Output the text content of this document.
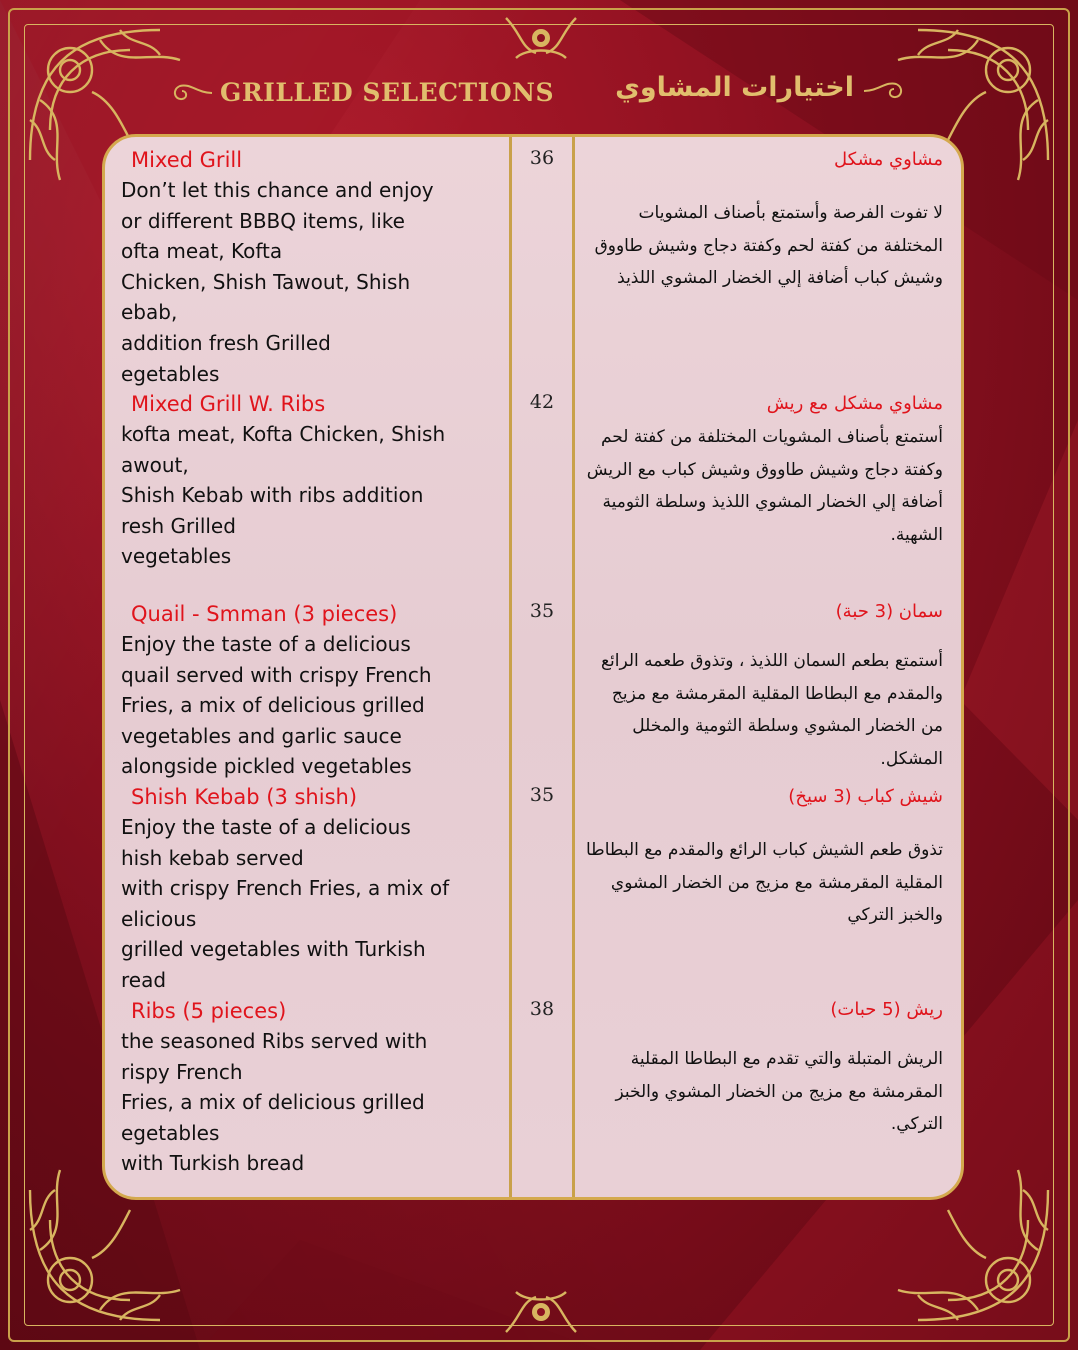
GRILLED SELECTIONS اختيارات المشاوي
Mixed Grill
Don’t let this chance and enjoy
or different BBBQ items, like
ofta meat, Kofta
Chicken, Shish Tawout, Shish
ebab,
addition fresh Grilled
egetables
Mixed Grill W. Ribs
kofta meat, Kofta Chicken, Shish
awout,
Shish Kebab with ribs addition
resh Grilled
vegetables
Quail - Smman (3 pieces)
Enjoy the taste of a delicious
quail served with crispy French
Fries, a mix of delicious grilled
vegetables and garlic sauce
alongside pickled vegetables
Shish Kebab (3 shish)
Enjoy the taste of a delicious
hish kebab served
with crispy French Fries, a mix of
elicious
grilled vegetables with Turkish
read
Ribs (5 pieces)
the seasoned Ribs served with
rispy French
Fries, a mix of delicious grilled
egetables
with Turkish bread
36
42
35
35
38
مشاوي مشكل
لا تفوت الفرصة وأستمتع بأصناف المشويات المختلفة من كفتة لحم وكفتة دجاج وشيش طاووق وشيش كباب أضافة إلي الخضار المشوي اللذيذ
مشاوي مشكل مع ريش
أستمتع بأصناف المشويات المختلفة من كفتة لحم وكفتة دجاج وشيش طاووق وشيش كباب مع الريش أضافة إلي الخضار المشوي اللذيذ وسلطة الثومية الشهية.
سمان (3 حبة)
أستمتع بطعم السمان اللذيذ ، وتذوق طعمه الرائع والمقدم مع البطاطا المقلية المقرمشة مع مزيج من الخضار المشوي وسلطة الثومية والمخلل المشكل.
شيش كباب (3 سيخ)
تذوق طعم الشيش كباب الرائع والمقدم مع البطاطا المقلية المقرمشة مع مزيج من الخضار المشوي والخبز التركي
ريش (5 حبات)
الريش المتبلة والتي تقدم مع البطاطا المقلية المقرمشة مع مزيج من الخضار المشوي والخبز التركي.
